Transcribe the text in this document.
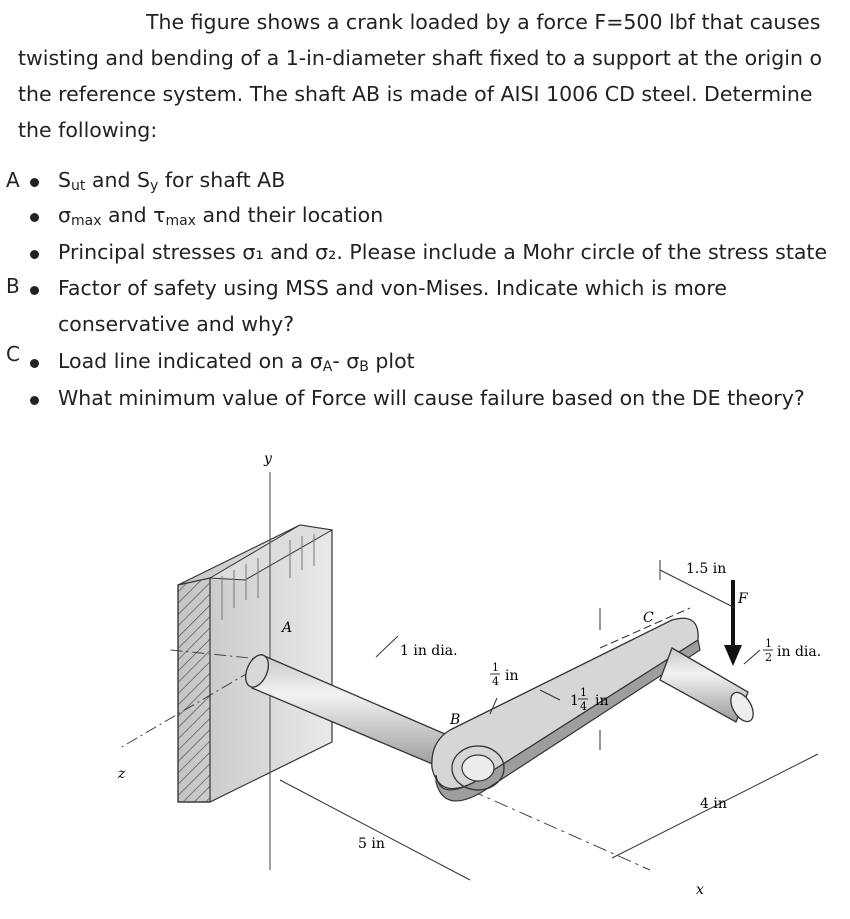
The figure shows a crank loaded by a force F=500 lbf that causes
twisting and bending of a 1-in-diameter shaft fixed to a support at the origin o
the reference system. The shaft AB is made of AISI 1006 CD steel. Determine
the following:
A
B
C
$S_{ut}$ and $S_y$ for shaft AB
$\sigma_{max}$ and $\tau_{max}$ and their location
Principal stresses σ₁ and σ₂. Please include a Mohr circle of the stress state
Factor of safety using MSS and von-Mises. Indicate which is more
conservative and why?
Load line indicated on a $\sigma_A-$ $\sigma_B$ plot
What minimum value of Force will cause failure based on the DE theory?
y
z
x
1 in dia.
1
4 in
1
1
4 in
1.5 in
F
1
2 in dia.
4 in
5 in
A
B
C
